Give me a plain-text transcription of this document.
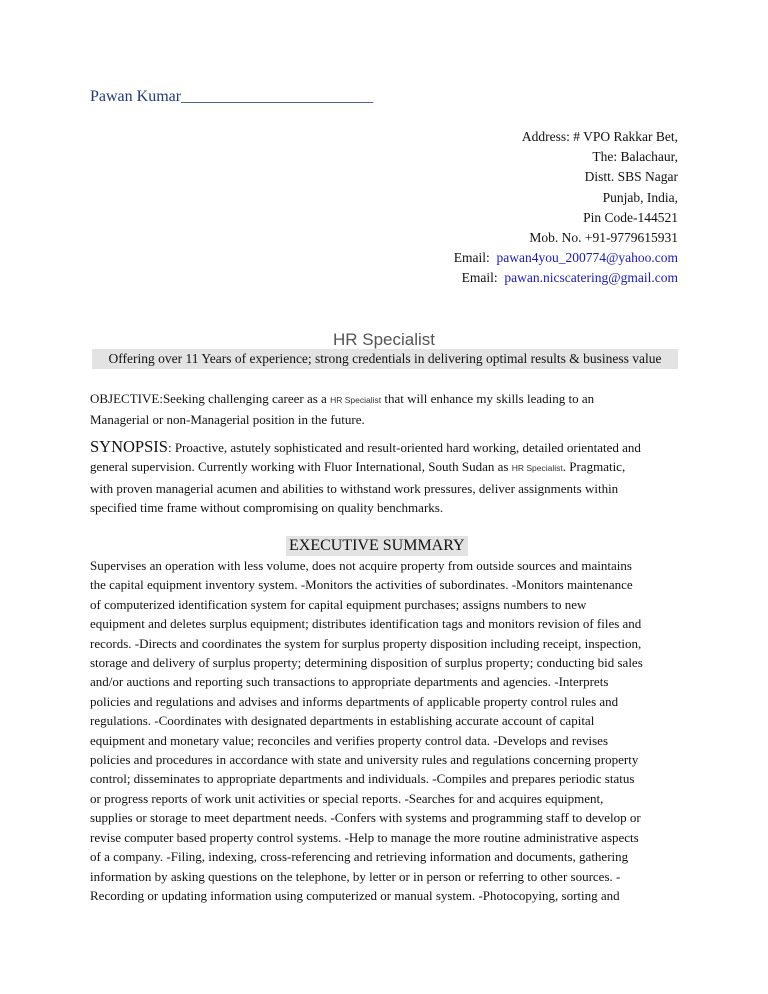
Pawan Kumar________________________
Address: # VPO Rakkar Bet,
The: Balachaur,
Distt. SBS Nagar
Punjab, India,
Pin Code-144521
Mob. No. +91-9779615931
Email: pawan4you_200774@yahoo.com
Email: pawan.nicscatering@gmail.com
HR Specialist
Offering over 11 Years of experience; strong credentials in delivering optimal results & business value
OBJECTIVE:Seeking challenging career as a HR Specialist that will enhance my skills leading to an
Managerial or non-Managerial position in the future.
SYNOPSIS: Proactive, astutely sophisticated and result-oriented hard working, detailed orientated and
general supervision. Currently working with Fluor International, South Sudan as HR Specialist. Pragmatic,
with proven managerial acumen and abilities to withstand work pressures, deliver assignments within
specified time frame without compromising on quality benchmarks.
EXECUTIVE SUMMARY
Supervises an operation with less volume, does not acquire property from outside sources and maintains
the capital equipment inventory system. -Monitors the activities of subordinates. -Monitors maintenance
of computerized identification system for capital equipment purchases; assigns numbers to new
equipment and deletes surplus equipment; distributes identification tags and monitors revision of files and
records. -Directs and coordinates the system for surplus property disposition including receipt, inspection,
storage and delivery of surplus property; determining disposition of surplus property; conducting bid sales
and/or auctions and reporting such transactions to appropriate departments and agencies. -Interprets
policies and regulations and advises and informs departments of applicable property control rules and
regulations. -Coordinates with designated departments in establishing accurate account of capital
equipment and monetary value; reconciles and verifies property control data. -Develops and revises
policies and procedures in accordance with state and university rules and regulations concerning property
control; disseminates to appropriate departments and individuals. -Compiles and prepares periodic status
or progress reports of work unit activities or special reports. -Searches for and acquires equipment,
supplies or storage to meet department needs. -Confers with systems and programming staff to develop or
revise computer based property control systems. -Help to manage the more routine administrative aspects
of a company. -Filing, indexing, cross-referencing and retrieving information and documents, gathering
information by asking questions on the telephone, by letter or in person or referring to other sources. -
Recording or updating information using computerized or manual system. -Photocopying, sorting and
